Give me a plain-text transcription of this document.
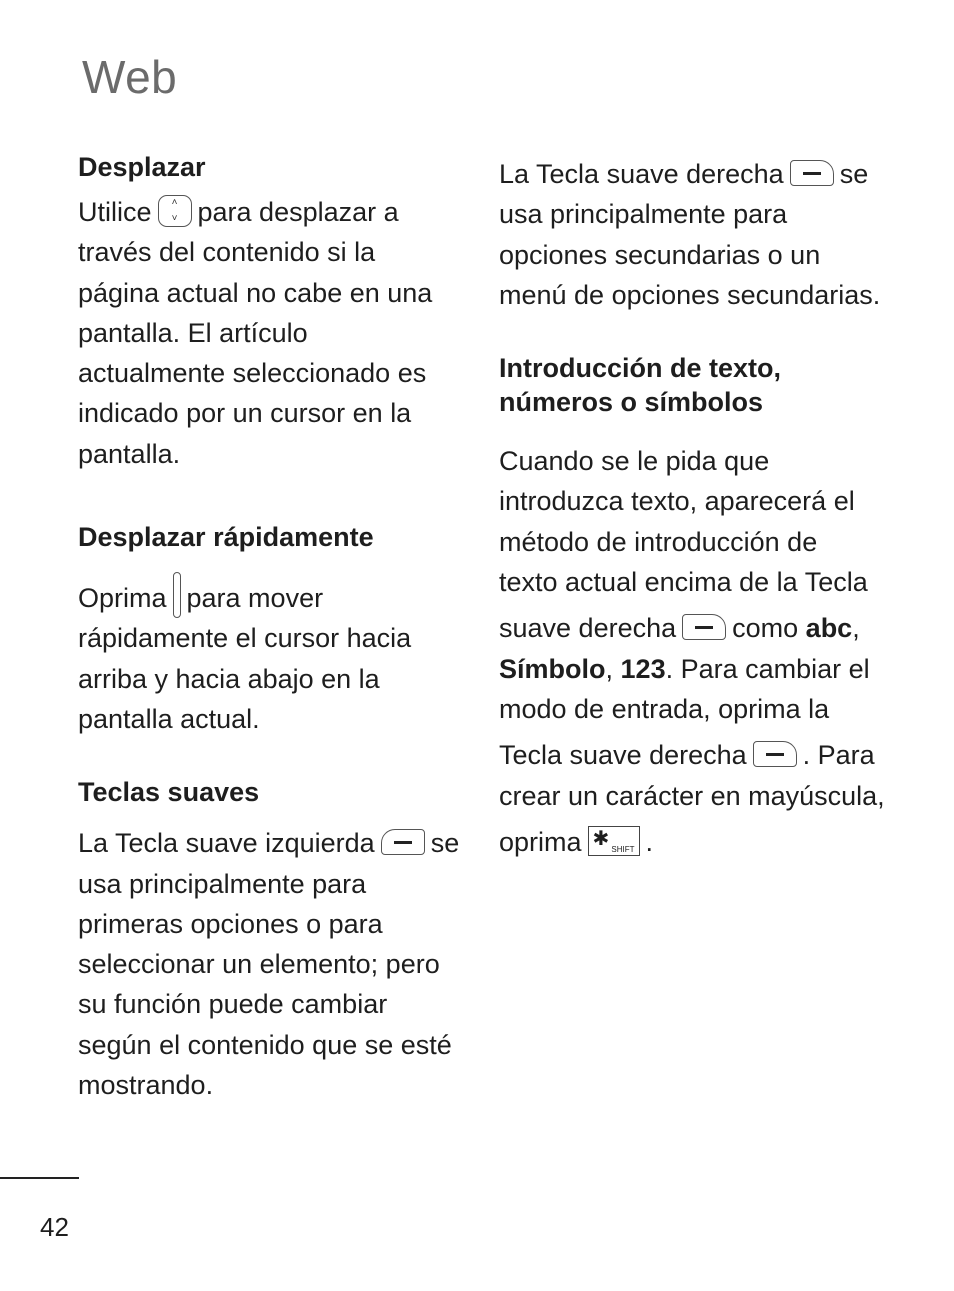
Web
Desplazar

Utilice	˄
˅ para desplazar a
través del contenido si la
página actual no cabe en una
pantalla. El artículo
actualmente seleccionado es
indicado por un cursor en la
pantalla.

Desplazar rápidamente

Oprima para mover
rápidamente el cursor hacia
arriba y hacia abajo en la
pantalla actual.

Teclas suaves

La Tecla suave izquierda se
usa principalmente para
primeras opciones o para
seleccionar un elemento; pero
su función puede cambiar
según el contenido que se esté
mostrando.

La Tecla suave derecha se
usa principalmente para
opciones secundarias o un
menú de opciones secundarias.

Introducción de texto,
números o símbolos

Cuando se le pida que
introduzca texto, aparecerá el
método de introducción de
texto actual encima de la Tecla
suave derecha como abc,
Símbolo, 123. Para cambiar el
modo de entrada, oprima la
Tecla suave derecha . Para
crear un carácter en mayúscula,
oprima ✱ SHIFT .

42
